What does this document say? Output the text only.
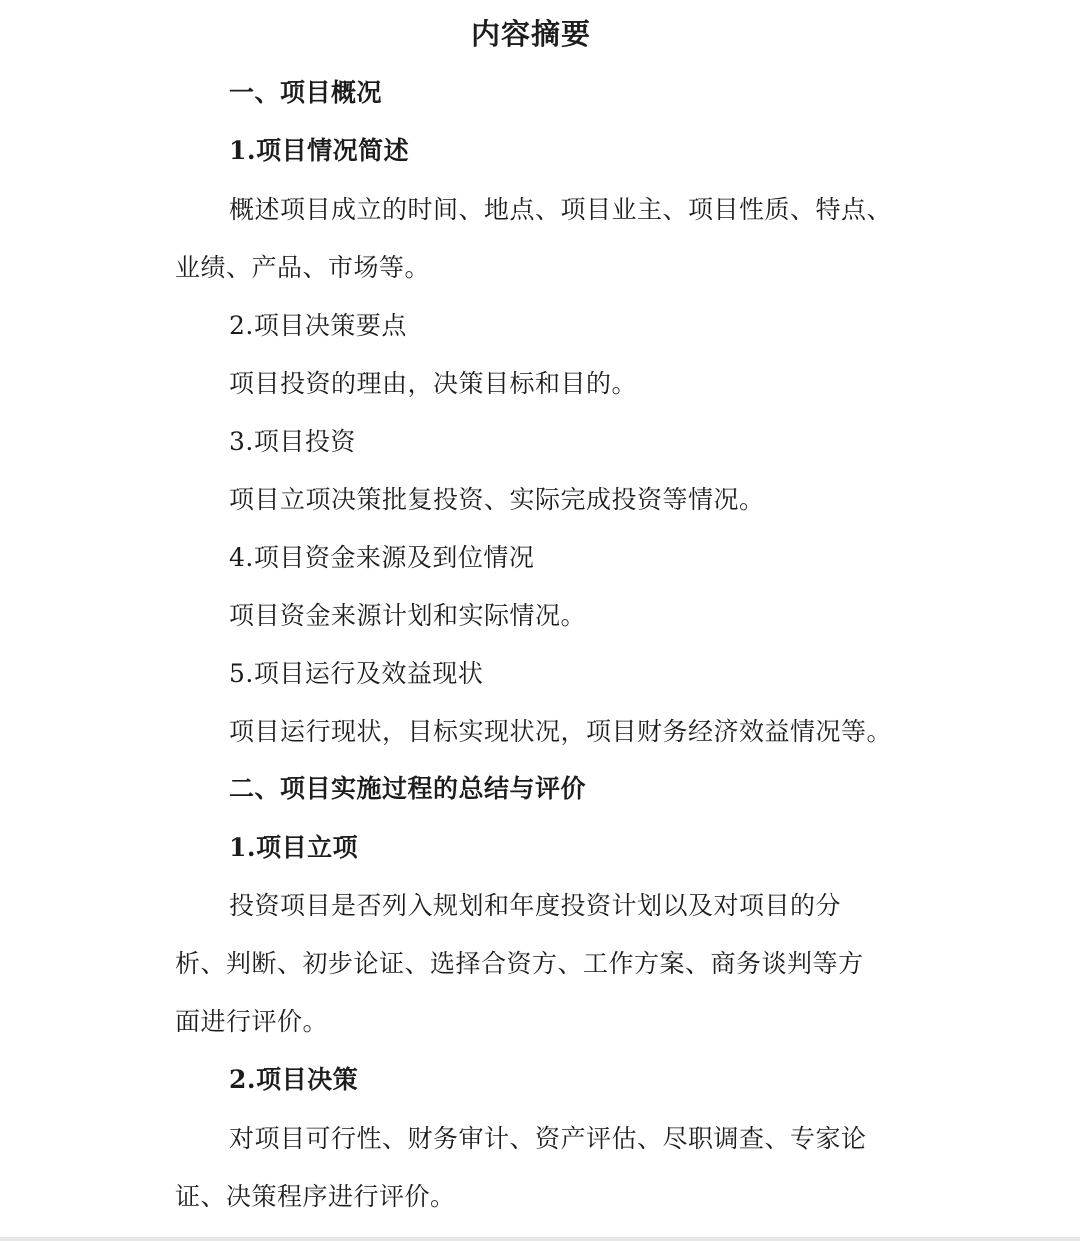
内容摘要
一、项目概况
1.项目情况简述
概述项目成立的时间、地点、项目业主、项目性质、特点、
业绩、产品、市场等。
2.项目决策要点
项目投资的理由，决策目标和目的。
3.项目投资
项目立项决策批复投资、实际完成投资等情况。
4.项目资金来源及到位情况
项目资金来源计划和实际情况。
5.项目运行及效益现状
项目运行现状，目标实现状况，项目财务经济效益情况等。
二、项目实施过程的总结与评价
1.项目立项
投资项目是否列入规划和年度投资计划以及对项目的分
析、判断、初步论证、选择合资方、工作方案、商务谈判等方
面进行评价。
2.项目决策
对项目可行性、财务审计、资产评估、尽职调查、专家论
证、决策程序进行评价。
